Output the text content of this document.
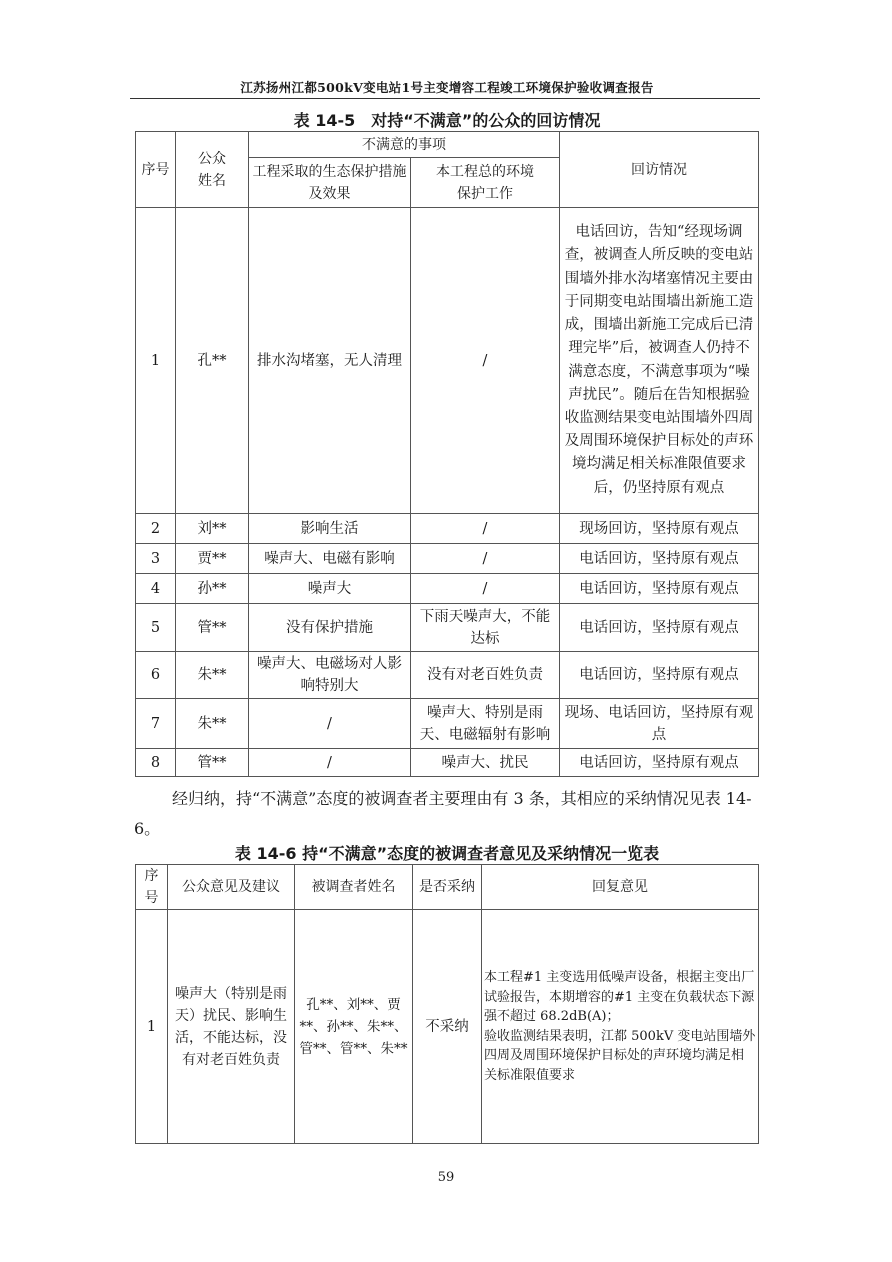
江苏扬州江都500kV变电站1号主变增容工程竣工环境保护验收调查报告
表 14-5　对持“不满意”的公众的回访情况
序号	公众姓名	不满意的事项		回访情况
		工程采取的生态保护措施及效果	本工程总的环境保护工作	
1	孔**	排水沟堵塞，无人清理	/	电话回访，告知“经现场调查，被调查人所反映的变电站围墙外排水沟堵塞情况主要由于同期变电站围墙出新施工造成，围墙出新施工完成后已清理完毕”后，被调查人仍持不满意态度，不满意事项为“噪声扰民”。随后在告知根据验收监测结果变电站围墙外四周及周围环境保护目标处的声环境均满足相关标准限值要求后，仍坚持原有观点
2	刘**	影响生活	/	现场回访，坚持原有观点
3	贾**	噪声大、电磁有影响	/	电话回访，坚持原有观点
4	孙**	噪声大	/	电话回访，坚持原有观点
5	管**	没有保护措施	下雨天噪声大，不能达标	电话回访，坚持原有观点
6	朱**	噪声大、电磁场对人影响特别大	没有对老百姓负责	电话回访，坚持原有观点
7	朱**	/	噪声大、特别是雨天、电磁辐射有影响	现场、电话回访，坚持原有观点
8	管**	/	噪声大、扰民	电话回访，坚持原有观点
经归纳，持“不满意”态度的被调查者主要理由有 3 条，其相应的采纳情况见表 14-6。
表 14-6 持“不满意”态度的被调查者意见及采纳情况一览表
序号	公众意见及建议	被调查者姓名	是否采纳	回复意见
1	噪声大（特别是雨天）扰民、影响生活，不能达标，没有对老百姓负责	孔**、刘**、贾**、孙**、朱**、管**、管**、朱**	不采纳	本工程#1 主变选用低噪声设备，根据主变出厂试验报告，本期增容的#1 主变在负载状态下源强不超过 68.2dB(A)；
验收监测结果表明，江都 500kV 变电站围墙外四周及周围环境保护目标处的声环境均满足相关标准限值要求
59
